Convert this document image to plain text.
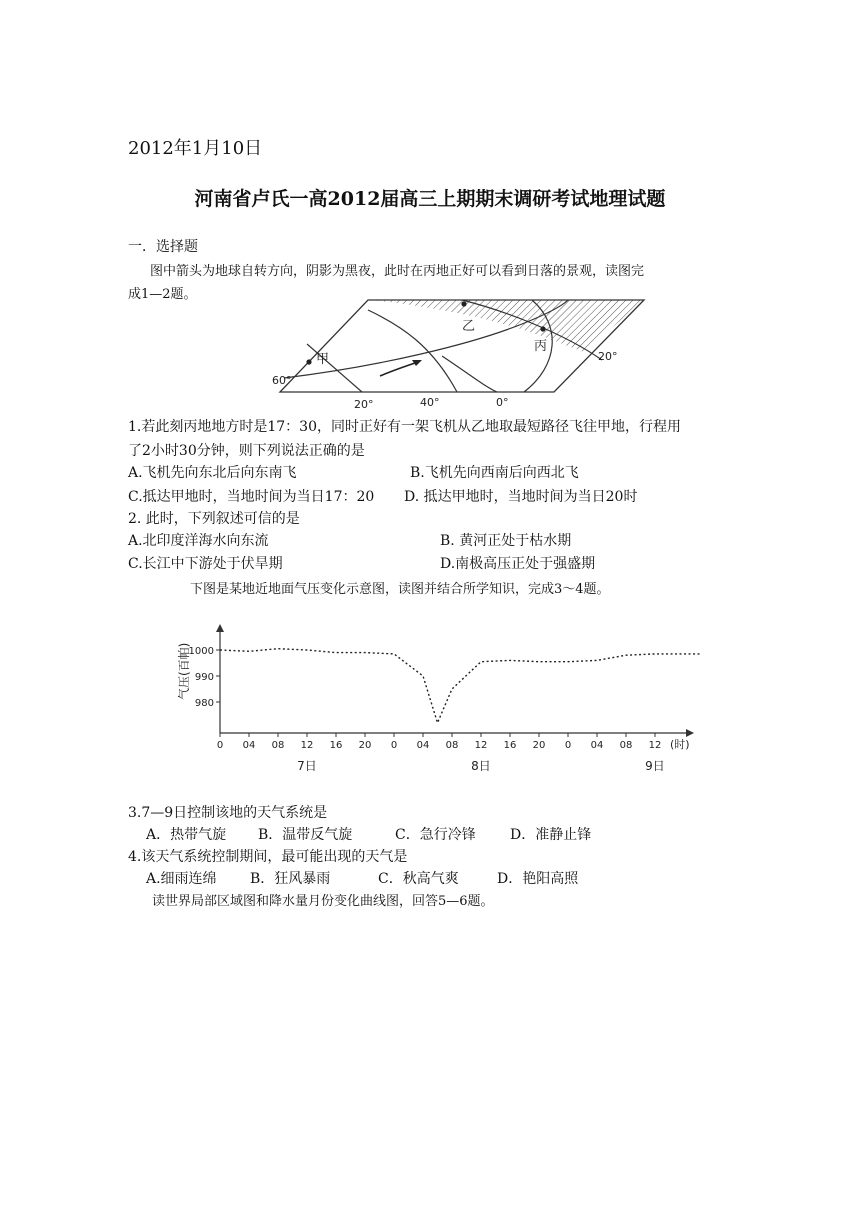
2012年1月10日
河南省卢氏一高2012届高三上期期末调研考试地理试题
一．选择题
图中箭头为地球自转方向，阴影为黑夜，此时在丙地正好可以看到日落的景观，读图完
成1—2题。
甲
乙
丙
60°
20°
20°	40°	0°
1.若此刻丙地地方时是17：30，同时正好有一架飞机从乙地取最短路径飞往甲地，行程用
了2小时30分钟，则下列说法正确的是
A.飞机先向东北后向东南飞	B.飞机先向西南后向西北飞
C.抵达甲地时，当地时间为当日17：20 D. 抵达甲地时，当地时间为当日20时
2. 此时，下列叙述可信的是
A.北印度洋海水向东流	B. 黄河正处于枯水期
C.长江中下游处于伏旱期	D.南极高压正处于强盛期
下图是某地近地面气压变化示意图，读图并结合所学知识，完成3～4题。
气压(百帕)
(时)
1000
990
980
0 04 08 12 16 20 0 04 08 12 16 20 0 04 08 12
7日	8日	9日
3.7—9日控制该地的天气系统是
A．热带气旋 B．温带反气旋	C．急行冷锋 D．准静止锋
4.该天气系统控制期间，最可能出现的天气是
A.细雨连绵 B．狂风暴雨	C．秋高气爽	D．艳阳高照
读世界局部区域图和降水量月份变化曲线图，回答5—6题。
